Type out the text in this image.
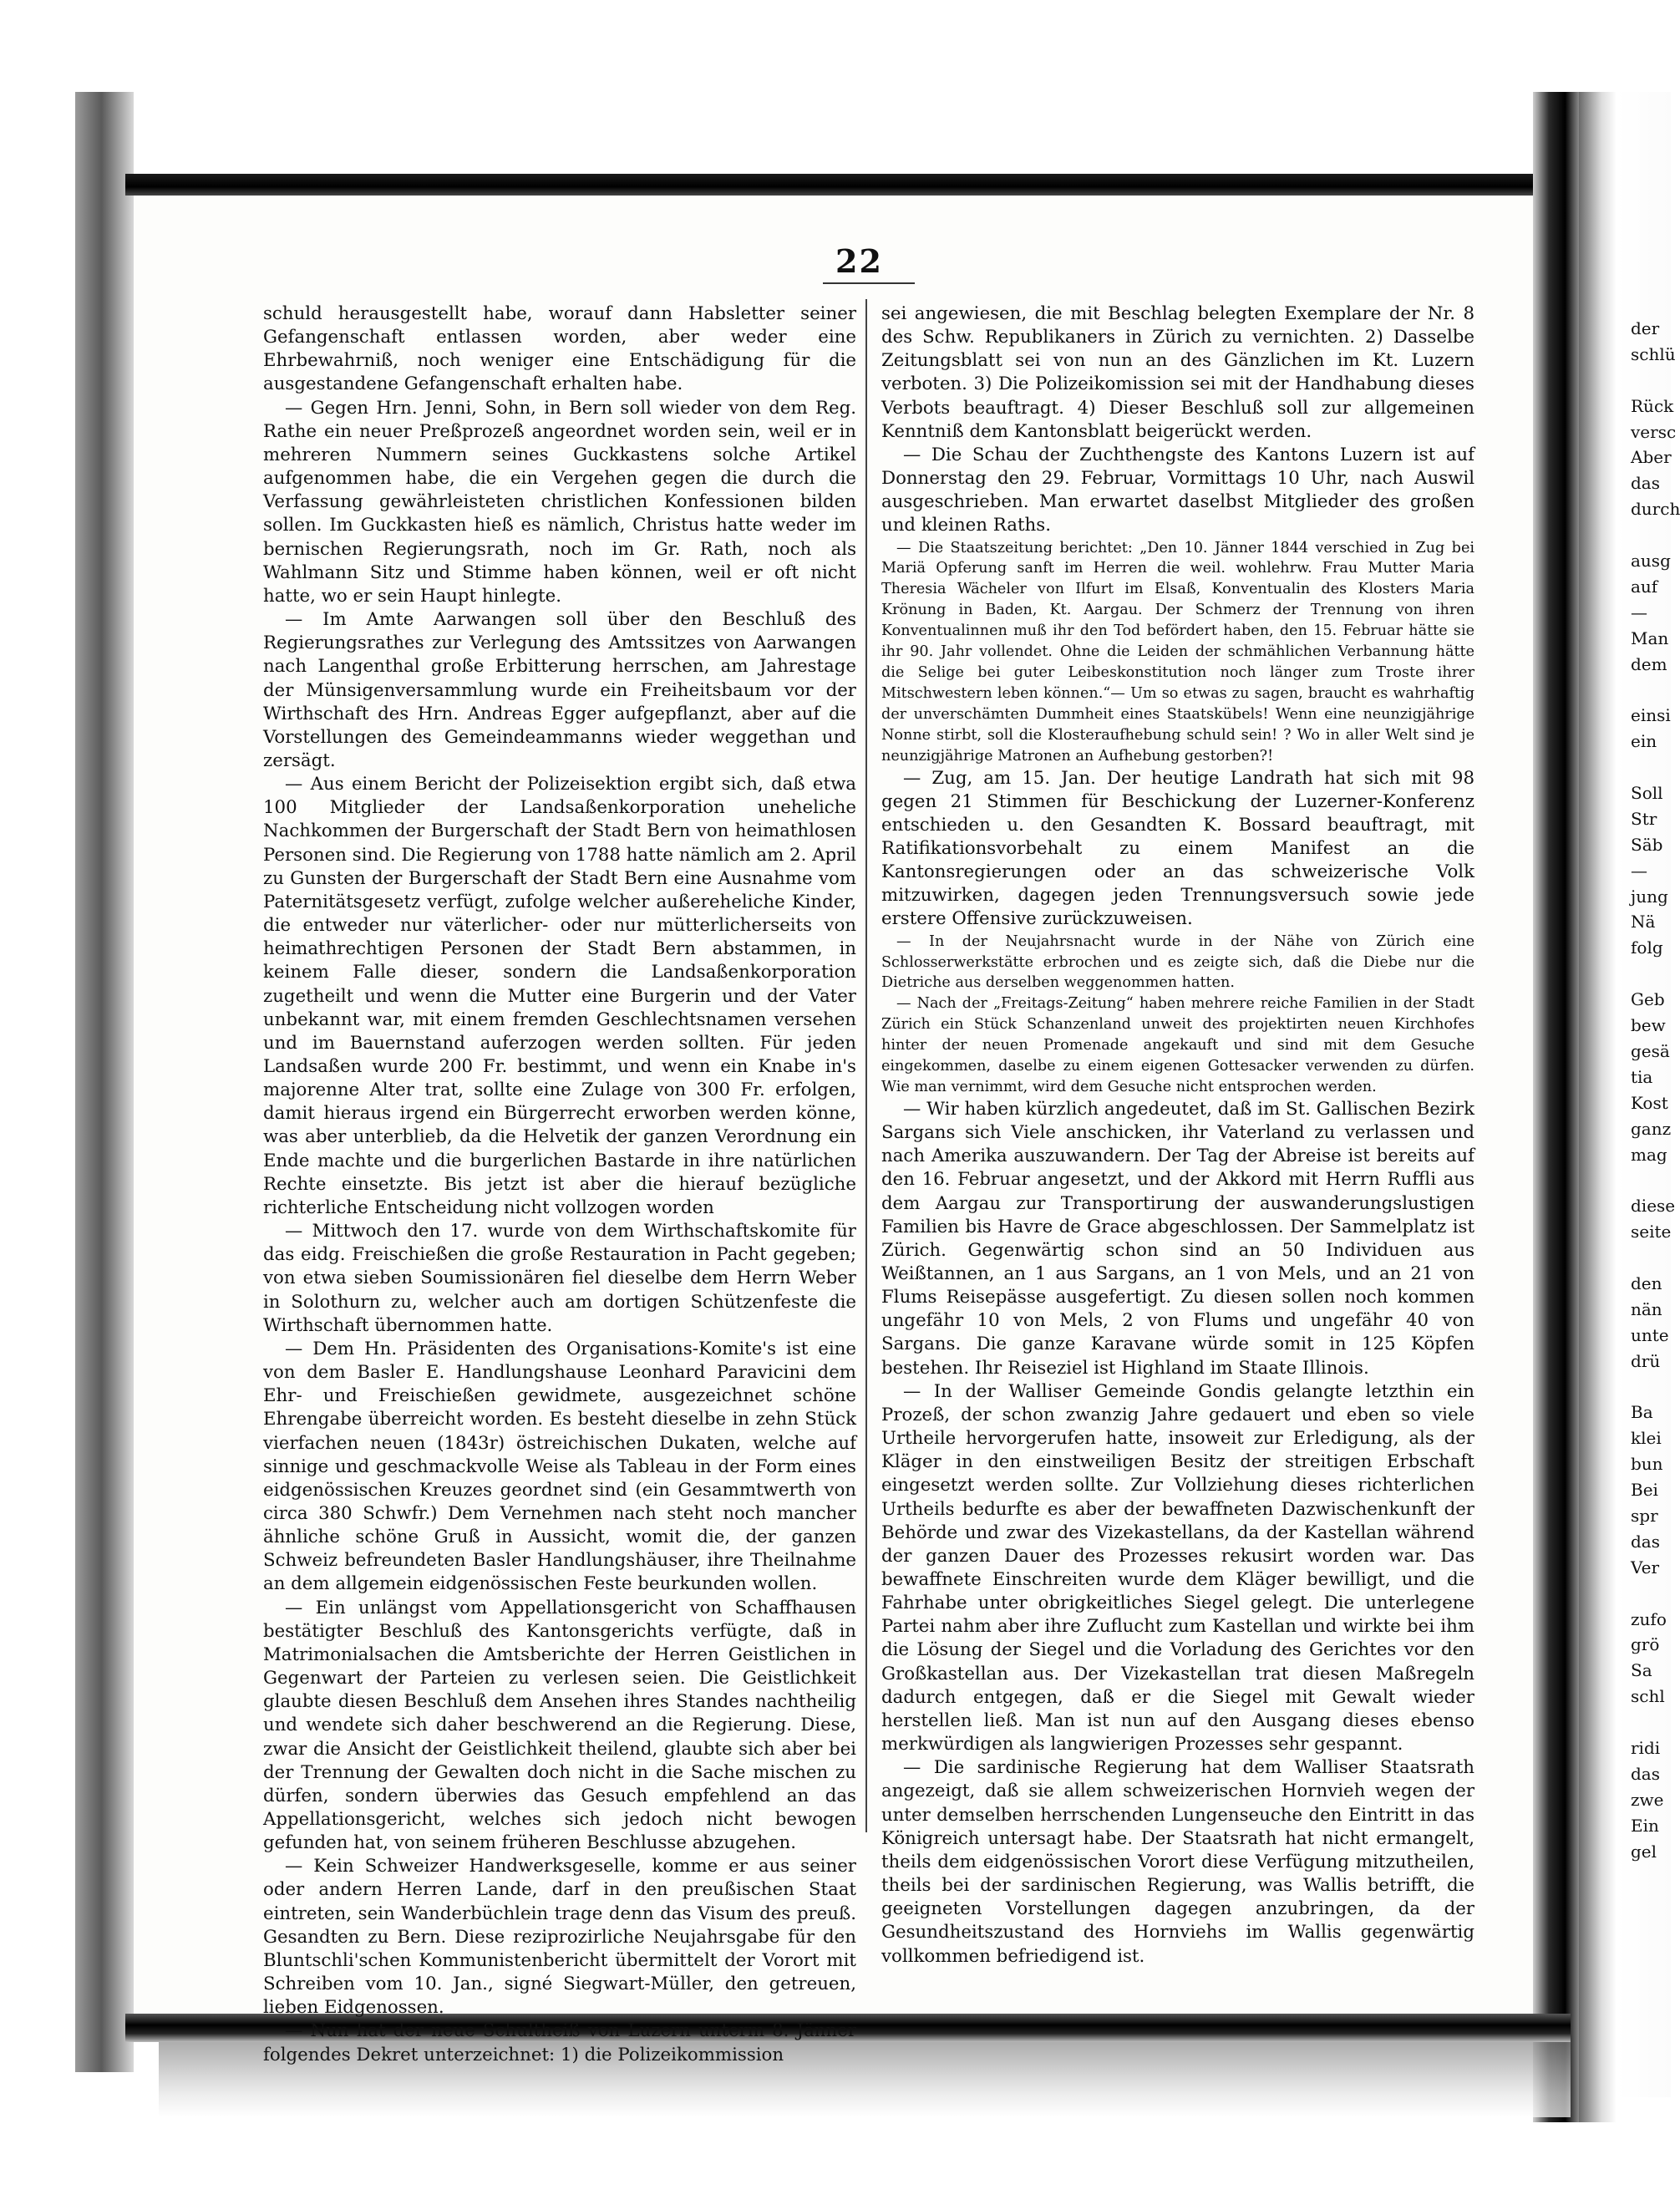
22

schuld herausgestellt habe, worauf dann Habsletter seiner Gefangenschaft entlassen worden, aber weder eine Ehrbewahrniß, noch weniger eine Entschädigung für die ausgestandene Gefangenschaft erhalten habe.

— Gegen Hrn. Jenni, Sohn, in Bern soll wieder von dem Reg. Rathe ein neuer Preßprozeß angeordnet worden sein, weil er in mehreren Nummern seines Guckkastens solche Artikel aufgenommen habe, die ein Vergehen gegen die durch die Verfassung gewährleisteten christlichen Konfessionen bilden sollen. Im Guckkasten hieß es nämlich, Christus hatte weder im bernischen Regierungsrath, noch im Gr. Rath, noch als Wahlmann Sitz und Stimme haben können, weil er oft nicht hatte, wo er sein Haupt hinlegte.

— Im Amte Aarwangen soll über den Beschluß des Regierungsrathes zur Verlegung des Amtssitzes von Aarwangen nach Langenthal große Erbitterung herrschen, am Jahrestage der Münsigenversammlung wurde ein Freiheitsbaum vor der Wirthschaft des Hrn. Andreas Egger aufgepflanzt, aber auf die Vorstellungen des Gemeindeammanns wieder weggethan und zersägt.

— Aus einem Bericht der Polizeisektion ergibt sich, daß etwa 100 Mitglieder der Landsaßenkorporation uneheliche Nachkommen der Burgerschaft der Stadt Bern von heimathlosen Personen sind. Die Regierung von 1788 hatte nämlich am 2. April zu Gunsten der Burgerschaft der Stadt Bern eine Ausnahme vom Paternitätsgesetz verfügt, zufolge welcher außereheliche Kinder, die entweder nur väterlicher- oder nur mütterlicherseits von heimathrechtigen Personen der Stadt Bern abstammen, in keinem Falle dieser, sondern die Landsaßenkorporation zugetheilt und wenn die Mutter eine Burgerin und der Vater unbekannt war, mit einem fremden Geschlechtsnamen versehen und im Bauernstand auferzogen werden sollten. Für jeden Landsaßen wurde 200 Fr. bestimmt, und wenn ein Knabe in's majorenne Alter trat, sollte eine Zulage von 300 Fr. erfolgen, damit hieraus irgend ein Bürgerrecht erworben werden könne, was aber unterblieb, da die Helvetik der ganzen Verordnung ein Ende machte und die burgerlichen Bastarde in ihre natürlichen Rechte einsetzte. Bis jetzt ist aber die hierauf bezügliche richterliche Entscheidung nicht vollzogen worden

— Mittwoch den 17. wurde von dem Wirthschaftskomite für das eidg. Freischießen die große Restauration in Pacht gegeben; von etwa sieben Soumissionären fiel dieselbe dem Herrn Weber in Solothurn zu, welcher auch am dortigen Schützenfeste die Wirthschaft übernommen hatte.

— Dem Hn. Präsidenten des Organisations-Komite's ist eine von dem Basler E. Handlungshause Leonhard Paravicini dem Ehr- und Freischießen gewidmete, ausgezeichnet schöne Ehrengabe überreicht worden. Es besteht dieselbe in zehn Stück vierfachen neuen (1843r) östreichischen Dukaten, welche auf sinnige und geschmackvolle Weise als Tableau in der Form eines eidgenössischen Kreuzes geordnet sind (ein Gesammtwerth von circa 380 Schwfr.) Dem Vernehmen nach steht noch mancher ähnliche schöne Gruß in Aussicht, womit die, der ganzen Schweiz befreundeten Basler Handlungshäuser, ihre Theilnahme an dem allgemein eidgenössischen Feste beurkunden wollen.

— Ein unlängst vom Appellationsgericht von Schaffhausen bestätigter Beschluß des Kantonsgerichts verfügte, daß in Matrimonialsachen die Amtsberichte der Herren Geistlichen in Gegenwart der Parteien zu verlesen seien. Die Geistlichkeit glaubte diesen Beschluß dem Ansehen ihres Standes nachtheilig und wendete sich daher beschwerend an die Regierung. Diese, zwar die Ansicht der Geistlichkeit theilend, glaubte sich aber bei der Trennung der Gewalten doch nicht in die Sache mischen zu dürfen, sondern überwies das Gesuch empfehlend an das Appellationsgericht, welches sich jedoch nicht bewogen gefunden hat, von seinem früheren Beschlusse abzugehen.

— Kein Schweizer Handwerksgeselle, komme er aus seiner oder andern Herren Lande, darf in den preußischen Staat eintreten, sein Wanderbüchlein trage denn das Visum des preuß. Gesandten zu Bern. Diese reziprozirliche Neujahrsgabe für den Bluntschli'schen Kommunistenbericht übermittelt der Vorort mit Schreiben vom 10. Jan., signé Siegwart-Müller, den getreuen, lieben Eidgenossen.

— Nun hat der neue Schultheiß von Luzern unterm 8. Jänner folgendes Dekret unterzeichnet: 1) die Polizeikommission

sei angewiesen, die mit Beschlag belegten Exemplare der Nr. 8 des Schw. Republikaners in Zürich zu vernichten. 2) Dasselbe Zeitungsblatt sei von nun an des Gänzlichen im Kt. Luzern verboten. 3) Die Polizeikomission sei mit der Handhabung dieses Verbots beauftragt. 4) Dieser Beschluß soll zur allgemeinen Kenntniß dem Kantonsblatt beigerückt werden.

— Die Schau der Zuchthengste des Kantons Luzern ist auf Donnerstag den 29. Februar, Vormittags 10 Uhr, nach Auswil ausgeschrieben. Man erwartet daselbst Mitglieder des großen und kleinen Raths.

— Die Staatszeitung berichtet: „Den 10. Jänner 1844 verschied in Zug bei Mariä Opferung sanft im Herren die weil. wohlehrw. Frau Mutter Maria Theresia Wächeler von Ilfurt im Elsaß, Konventualin des Klosters Maria Krönung in Baden, Kt. Aargau. Der Schmerz der Trennung von ihren Konventualinnen muß ihr den Tod befördert haben, den 15. Februar hätte sie ihr 90. Jahr vollendet. Ohne die Leiden der schmählichen Verbannung hätte die Selige bei guter Leibeskonstitution noch länger zum Troste ihrer Mitschwestern leben können.“— Um so etwas zu sagen, braucht es wahrhaftig der unverschämten Dummheit eines Staatskübels! Wenn eine neunzigjährige Nonne stirbt, soll die Klosteraufhebung schuld sein! ? Wo in aller Welt sind je neunzigjährige Matronen an Aufhebung gestorben?!

— Zug, am 15. Jan. Der heutige Landrath hat sich mit 98 gegen 21 Stimmen für Beschickung der Luzerner-Konferenz entschieden u. den Gesandten K. Bossard beauftragt, mit Ratifikationsvorbehalt zu einem Manifest an die Kantonsregierungen oder an das schweizerische Volk mitzuwirken, dagegen jeden Trennungsversuch sowie jede erstere Offensive zurückzuweisen.

— In der Neujahrsnacht wurde in der Nähe von Zürich eine Schlosserwerkstätte erbrochen und es zeigte sich, daß die Diebe nur die Dietriche aus derselben weggenommen hatten.

— Nach der „Freitags-Zeitung“ haben mehrere reiche Familien in der Stadt Zürich ein Stück Schanzenland unweit des projektirten neuen Kirchhofes hinter der neuen Promenade angekauft und sind mit dem Gesuche eingekommen, daselbe zu einem eigenen Gottesacker verwenden zu dürfen. Wie man vernimmt, wird dem Gesuche nicht entsprochen werden.

— Wir haben kürzlich angedeutet, daß im St. Gallischen Bezirk Sargans sich Viele anschicken, ihr Vaterland zu verlassen und nach Amerika auszuwandern. Der Tag der Abreise ist bereits auf den 16. Februar angesetzt, und der Akkord mit Herrn Ruffli aus dem Aargau zur Transportirung der auswanderungslustigen Familien bis Havre de Grace abgeschlossen. Der Sammelplatz ist Zürich. Gegenwärtig schon sind an 50 Individuen aus Weißtannen, an 1 aus Sargans, an 1 von Mels, und an 21 von Flums Reisepässe ausgefertigt. Zu diesen sollen noch kommen ungefähr 10 von Mels, 2 von Flums und ungefähr 40 von Sargans. Die ganze Karavane würde somit in 125 Köpfen bestehen. Ihr Reiseziel ist Highland im Staate Illinois.

— In der Walliser Gemeinde Gondis gelangte letzthin ein Prozeß, der schon zwanzig Jahre gedauert und eben so viele Urtheile hervorgerufen hatte, insoweit zur Erledigung, als der Kläger in den einstweiligen Besitz der streitigen Erbschaft eingesetzt werden sollte. Zur Vollziehung dieses richterlichen Urtheils bedurfte es aber der bewaffneten Dazwischenkunft der Behörde und zwar des Vizekastellans, da der Kastellan während der ganzen Dauer des Prozesses rekusirt worden war. Das bewaffnete Einschreiten wurde dem Kläger bewilligt, und die Fahrhabe unter obrigkeitliches Siegel gelegt. Die unterlegene Partei nahm aber ihre Zuflucht zum Kastellan und wirkte bei ihm die Lösung der Siegel und die Vorladung des Gerichtes vor den Großkastellan aus. Der Vizekastellan trat diesen Maßregeln dadurch entgegen, daß er die Siegel mit Gewalt wieder herstellen ließ. Man ist nun auf den Ausgang dieses ebenso merkwürdigen als langwierigen Prozesses sehr gespannt.

— Die sardinische Regierung hat dem Walliser Staatsrath angezeigt, daß sie allem schweizerischen Hornvieh wegen der unter demselben herrschenden Lungenseuche den Eintritt in das Königreich untersagt habe. Der Staatsrath hat nicht ermangelt, theils dem eidgenössischen Vorort diese Verfügung mitzutheilen, theils bei der sardinischen Regierung, was Wallis betrifft, die geeigneten Vorstellungen dagegen anzubringen, da der Gesundheitszustand des Hornviehs im Wallis gegenwärtig vollkommen befriedigend ist.

der
schlü
Rück
versc
Aber
das
durch
ausg
auf
—
Man
dem
einsi
ein
Soll
Str
Säb
—
jung
Nä
folg
Geb
bew
gesä
tia
Kost
ganz
mag
diese
seite
den
nän
unte
drü
Ba
klei
bun
Bei
spr
das
Ver
zufo
grö
Sa
schl
ridi
das
zwe
Ein
gel
